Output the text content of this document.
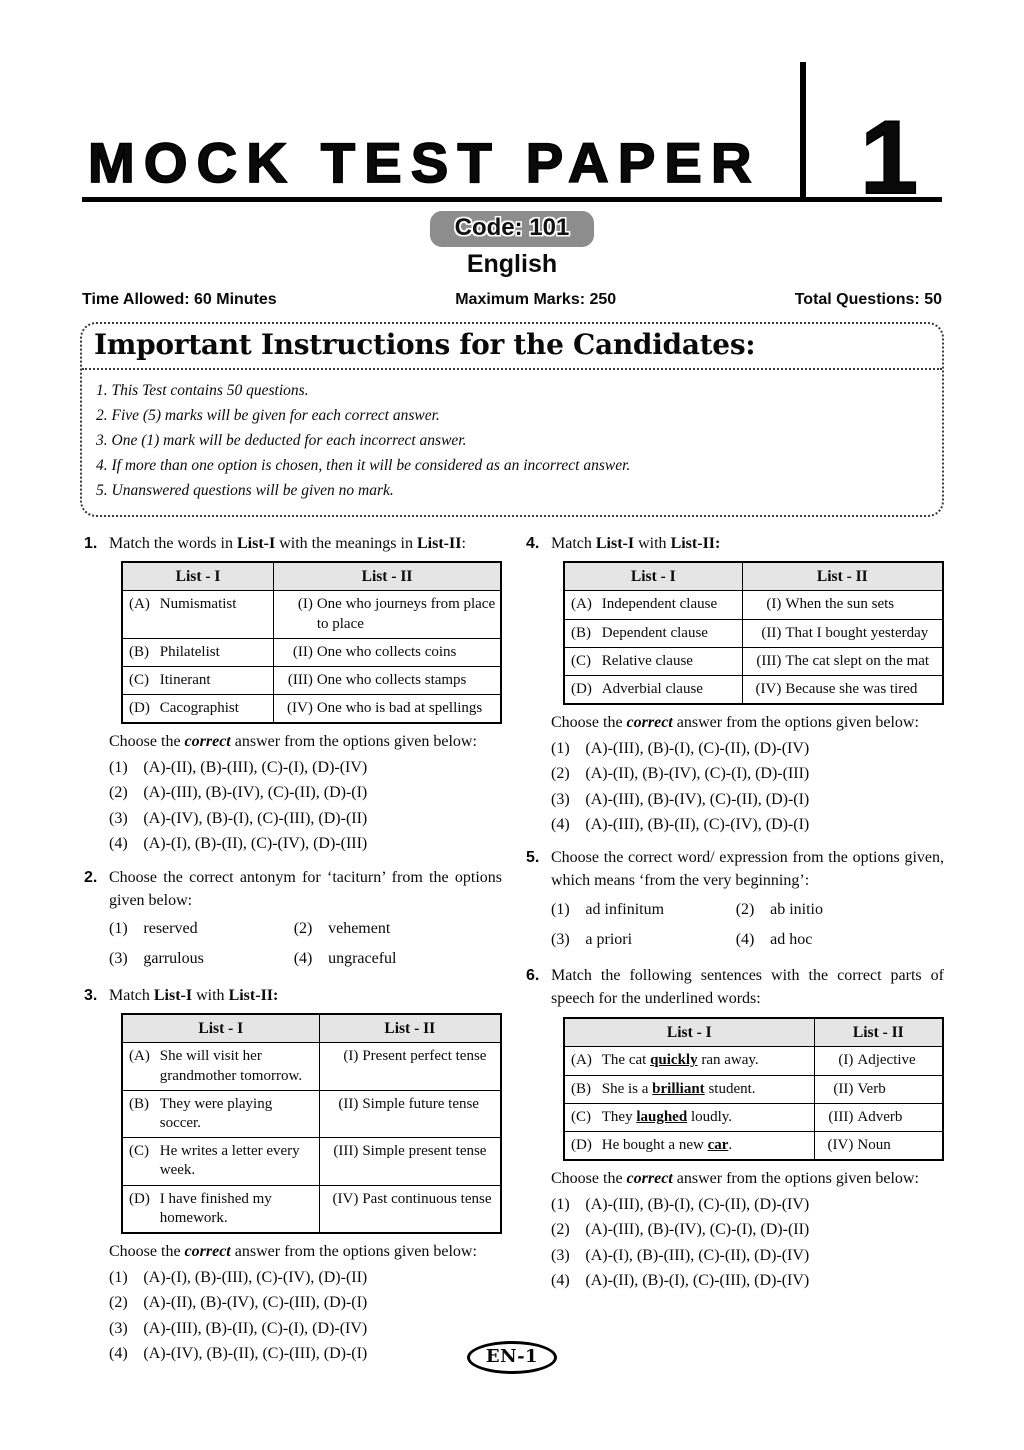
MOCK TEST PAPER 1
Code: 101
English
Time Allowed: 60 Minutes	Maximum Marks: 250	Total Questions: 50
Important Instructions for the Candidates:
1. This Test contains 50 questions.
2. Five (5) marks will be given for each correct answer.
3. One (1) mark will be deducted for each incorrect answer.
4. If more than one option is chosen, then it will be considered as an incorrect answer.
5. Unanswered questions will be given no mark.
1. Match the words in List-I with the meanings in List-II:
List - I	List - II

(A) Numismatist	(I) One who journeys from place to place

(B) Philatelist	(II) One who collects coins

(C) Itinerant	(III) One who collects stamps

(D) Cacographist	(IV) One who is bad at spellings
Choose the correct answer from the options given below:
(1) (A)-(II), (B)-(III), (C)-(I), (D)-(IV)
(2) (A)-(III), (B)-(IV), (C)-(II), (D)-(I)
(3) (A)-(IV), (B)-(I), (C)-(III), (D)-(II)
(4) (A)-(I), (B)-(II), (C)-(IV), (D)-(III)
2. Choose the correct antonym for ‘taciturn’ from the options given below:
(1) reserved	(2) vehement
(3) garrulous	(4) ungraceful
3. Match List-I with List-II:
List - I	List - II

(A) She will visit her grandmother tomorrow.	(I) Present perfect tense

(B) They were playing soccer.	(II) Simple future tense

(C) He writes a letter every week.	(III) Simple present tense

(D) I have finished my homework.	(IV) Past continuous tense
Choose the correct answer from the options given below:
(1) (A)-(I), (B)-(III), (C)-(IV), (D)-(II)
(2) (A)-(II), (B)-(IV), (C)-(III), (D)-(I)
(3) (A)-(III), (B)-(II), (C)-(I), (D)-(IV)
(4) (A)-(IV), (B)-(II), (C)-(III), (D)-(I)
4. Match List-I with List-II:
List - I	List - II

(A) Independent clause	(I) When the sun sets

(B) Dependent clause	(II) That I bought yesterday

(C) Relative clause	(III) The cat slept on the mat

(D) Adverbial clause	(IV) Because she was tired
Choose the correct answer from the options given below:
(1) (A)-(III), (B)-(I), (C)-(II), (D)-(IV)
(2) (A)-(II), (B)-(IV), (C)-(I), (D)-(III)
(3) (A)-(III), (B)-(IV), (C)-(II), (D)-(I)
(4) (A)-(III), (B)-(II), (C)-(IV), (D)-(I)
5. Choose the correct word/ expression from the options given, which means ‘from the very beginning’:
(1) ad infinitum	(2) ab initio
(3) a priori	(4) ad hoc
6. Match the following sentences with the correct parts of speech for the underlined words:
List - I	List - II

(A) The cat quickly ran away.	(I) Adjective

(B) She is a brilliant student.	(II) Verb

(C) They laughed loudly.	(III) Adverb

(D) He bought a new car.	(IV) Noun
Choose the correct answer from the options given below:
(1) (A)-(III), (B)-(I), (C)-(II), (D)-(IV)
(2) (A)-(III), (B)-(IV), (C)-(I), (D)-(II)
(3) (A)-(I), (B)-(III), (C)-(II), (D)-(IV)
(4) (A)-(II), (B)-(I), (C)-(III), (D)-(IV)
EN-1
